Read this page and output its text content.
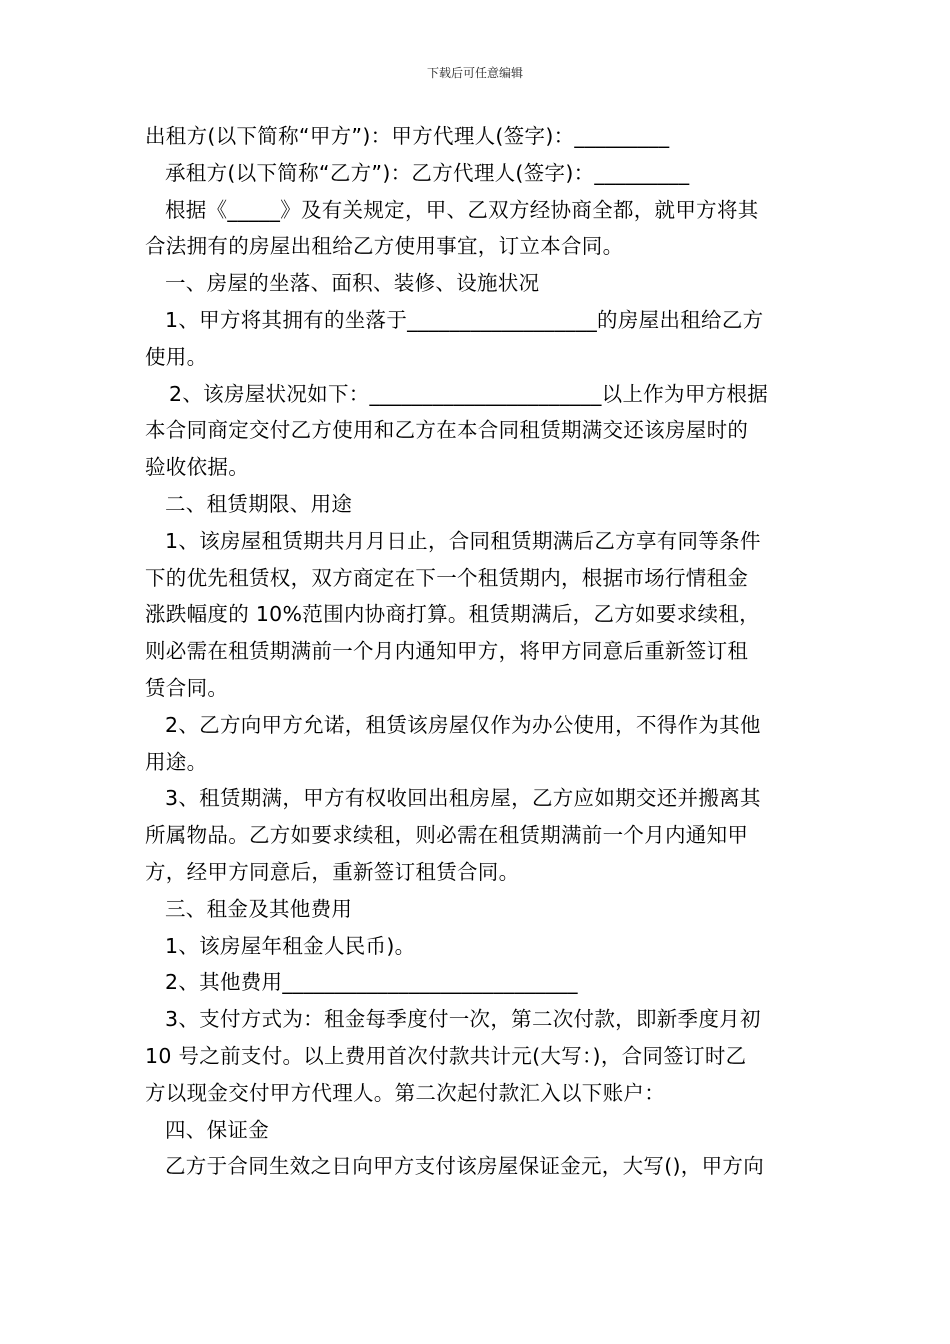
下载后可任意编辑

出租方(以下简称“甲方”)：甲方代理人(签字)：_________

承租方(以下简称“乙方”)：乙方代理人(签字)：_________

根据《_____》及有关规定，甲、乙双方经协商全都，就甲方将其

合法拥有的房屋出租给乙方使用事宜，订立本合同。

一、房屋的坐落、面积、装修、设施状况

1、甲方将其拥有的坐落于__________________的房屋出租给乙方

使用。

2、该房屋状况如下：______________________以上作为甲方根据

本合同商定交付乙方使用和乙方在本合同租赁期满交还该房屋时的

验收依据。

二、租赁期限、用途

1、该房屋租赁期共月月日止，合同租赁期满后乙方享有同等条件

下的优先租赁权，双方商定在下一个租赁期内，根据市场行情租金

涨跌幅度的 10%范围内协商打算。租赁期满后，乙方如要求续租，

则必需在租赁期满前一个月内通知甲方，将甲方同意后重新签订租

赁合同。

2、乙方向甲方允诺，租赁该房屋仅作为办公使用，不得作为其他

用途。

3、租赁期满，甲方有权收回出租房屋，乙方应如期交还并搬离其

所属物品。乙方如要求续租，则必需在租赁期满前一个月内通知甲

方，经甲方同意后，重新签订租赁合同。

三、租金及其他费用

1、该房屋年租金人民币)。

2、其他费用____________________________

3、支付方式为：租金每季度付一次，第二次付款，即新季度月初

10 号之前支付。以上费用首次付款共计元(大写：)，合同签订时乙

方以现金交付甲方代理人。第二次起付款汇入以下账户：

四、保证金

乙方于合同生效之日向甲方支付该房屋保证金元，大写()，甲方向
